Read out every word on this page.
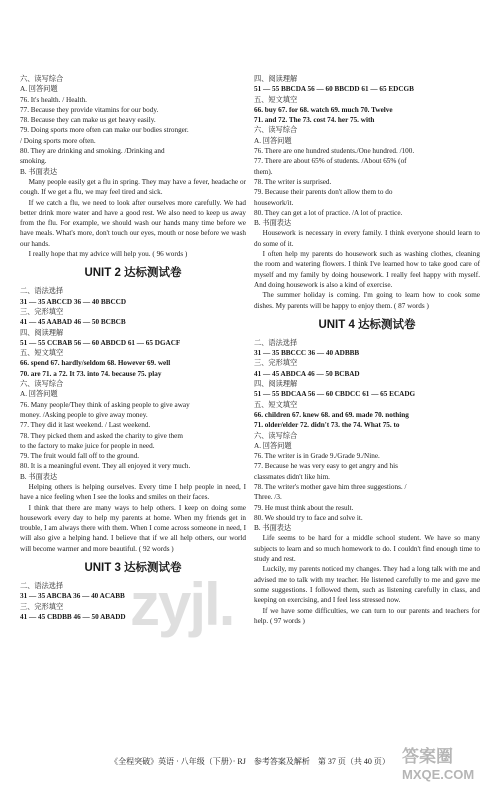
六、读写综合
A. 回答问题
76. It's health. / Health.
77. Because they provide vitamins for our body.
78. Because they can make us get heavy easily.
79. Doing sports more often can make our bodies stronger.
/ Doing sports more often.
80. They are drinking and smoking. /Drinking and
smoking.
B. 书面表达

Many people easily get a flu in spring. They may have a fever, headache or cough. If we get a flu, we may feel tired and sick.

If we catch a flu, we need to look after ourselves more carefully. We had better drink more water and have a good rest. We also need to keep us away from the flu. For example, we should wash our hands many time before we have meals. What's more, don't touch our eyes, mouth or nose before we wash our hands.

I really hope that my advice will help you. ( 96 words )

UNIT 2 达标测试卷
二、语法选择
31 — 35 ABCCD 36 — 40 BBCCD
三、完形填空
41 — 45 AABAD 46 — 50 BCBCB
四、阅读理解
51 — 55 CCBAB 56 — 60 ABDCD 61 — 65 DGACF
五、短文填空
66. spend 67. hardly/seldom 68. However 69. well
70. are 71. a 72. It 73. into 74. because 75. play
六、读写综合
A. 回答问题
76. Many people/They think of asking people to give away
money. /Asking people to give away money.
77. They did it last weekend. / Last weekend.
78. They picked them and asked the charity to give them
to the factory to make juice for people in need.
79. The fruit would fall off to the ground.
80. It is a meaningful event. They all enjoyed it very much.
B. 书面表达

Helping others is helping ourselves. Every time I help people in need, I have a nice feeling when I see the looks and smiles on their faces.

I think that there are many ways to help others. I keep on doing some housework every day to help my parents at home. When my friends get in trouble, I am always there with them. When I come across someone in need, I will also give a helping hand. I believe that if we all help others, our world will become warmer and more beautiful. ( 92 words )

UNIT 3 达标测试卷
二、语法选择
31 — 35 ABCBA 36 — 40 ACABB
三、完形填空
41 — 45 CBDBB 46 — 50 ABADD
四、阅读理解
51 — 55 BBCDA 56 — 60 BBCDD 61 — 65 EDCGB
五、短文填空
66. buy 67. for 68. watch 69. much 70. Twelve
71. and 72. The 73. cost 74. her 75. with
六、读写综合
A. 回答问题
76. There are one hundred students./One hundred. /100.
77. There are about 65% of students. /About 65% (of
them).
78. The writer is surprised.
79. Because their parents don't allow them to do
housework/it.
80. They can get a lot of practice. /A lot of practice.
B. 书面表达

Housework is necessary in every family. I think everyone should learn to do some of it.

I often help my parents do housework such as washing clothes, cleaning the room and watering flowers. I think I've learned how to take good care of myself and my family by doing housework. I really feel happy with myself. And doing housework is also a kind of exercise.

The summer holiday is coming. I'm going to learn how to cook some dishes. My parents will be happy to enjoy them. ( 87 words )

UNIT 4 达标测试卷
二、语法选择
31 — 35 BBCCC 36 — 40 ADBBB
三、完形填空
41 — 45 ABDCA 46 — 50 BCBAD
四、阅读理解
51 — 55 BDCAA 56 — 60 CBDCC 61 — 65 ECADG
五、短文填空
66. children 67. knew 68. and 69. made 70. nothing
71. older/elder 72. didn't 73. the 74. What 75. to
六、读写综合
A. 回答问题
76. The writer is in Grade 9./Grade 9./Nine.
77. Because he was very easy to get angry and his
classmates didn't like him.
78. The writer's mother gave him three suggestions. /
Three. /3.
79. He must think about the result.
80. We should try to face and solve it.
B. 书面表达

Life seems to be hard for a middle school student. We have so many subjects to learn and so much homework to do. I couldn't find enough time to study and rest.

Luckily, my parents noticed my changes. They had a long talk with me and advised me to talk with my teacher. He listened carefully to me and gave me some suggestions. I followed them, such as listening carefully in class, and keeping on exercising, and I feel less stressed now.

If we have some difficulties, we can turn to our parents and teachers for help. ( 97 words )

zyjl.
《全程突破》英语 · 八年级（下册）· RJ　参考答案及解析　第 37 页（共 40 页） 答案圈
MXQE.COM
